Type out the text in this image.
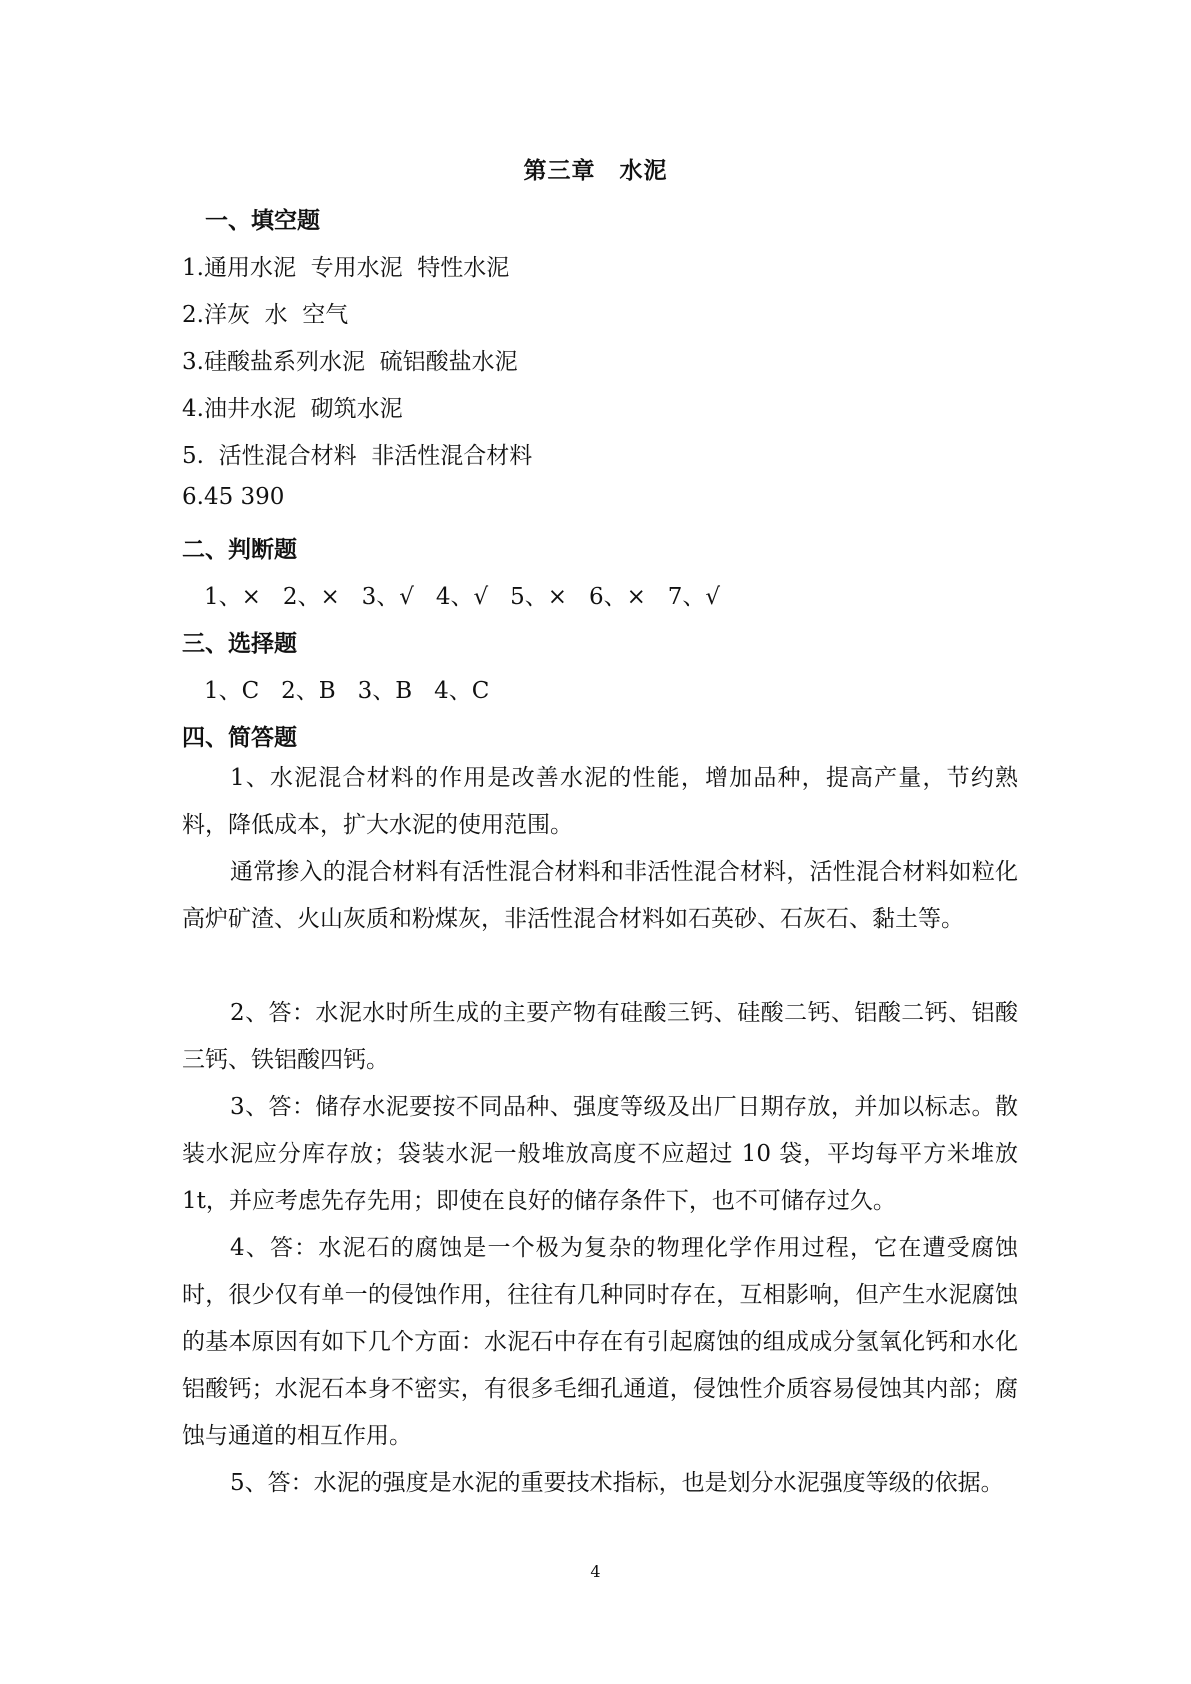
第三章　水泥
一、填空题
1.通用水泥  专用水泥  特性水泥
2.洋灰  水  空气
3.硅酸盐系列水泥  硫铝酸盐水泥
4.油井水泥  砌筑水泥
5.  活性混合材料  非活性混合材料
6.45 390
二、判断题
1、×   2、×   3、√   4、√   5、×   6、×   7、√
三、选择题
1、C   2、B   3、B   4、C
四、简答题
1、水泥混合材料的作用是改善水泥的性能，增加品种，提高产量，节约熟料，降低成本，扩大水泥的使用范围。
通常掺入的混合材料有活性混合材料和非活性混合材料，活性混合材料如粒化高炉矿渣、火山灰质和粉煤灰，非活性混合材料如石英砂、石灰石、黏土等。
2、答：水泥水时所生成的主要产物有硅酸三钙、硅酸二钙、铝酸二钙、铝酸三钙、铁铝酸四钙。
3、答：储存水泥要按不同品种、强度等级及出厂日期存放，并加以标志。散装水泥应分库存放；袋装水泥一般堆放高度不应超过 10 袋，平均每平方米堆放 1t，并应考虑先存先用；即使在良好的储存条件下，也不可储存过久。
4、答：水泥石的腐蚀是一个极为复杂的物理化学作用过程，它在遭受腐蚀时，很少仅有单一的侵蚀作用，往往有几种同时存在，互相影响，但产生水泥腐蚀的基本原因有如下几个方面：水泥石中存在有引起腐蚀的组成成分氢氧化钙和水化铝酸钙；水泥石本身不密实，有很多毛细孔通道，侵蚀性介质容易侵蚀其内部；腐蚀与通道的相互作用。
5、答：水泥的强度是水泥的重要技术指标，也是划分水泥强度等级的依据。
4
